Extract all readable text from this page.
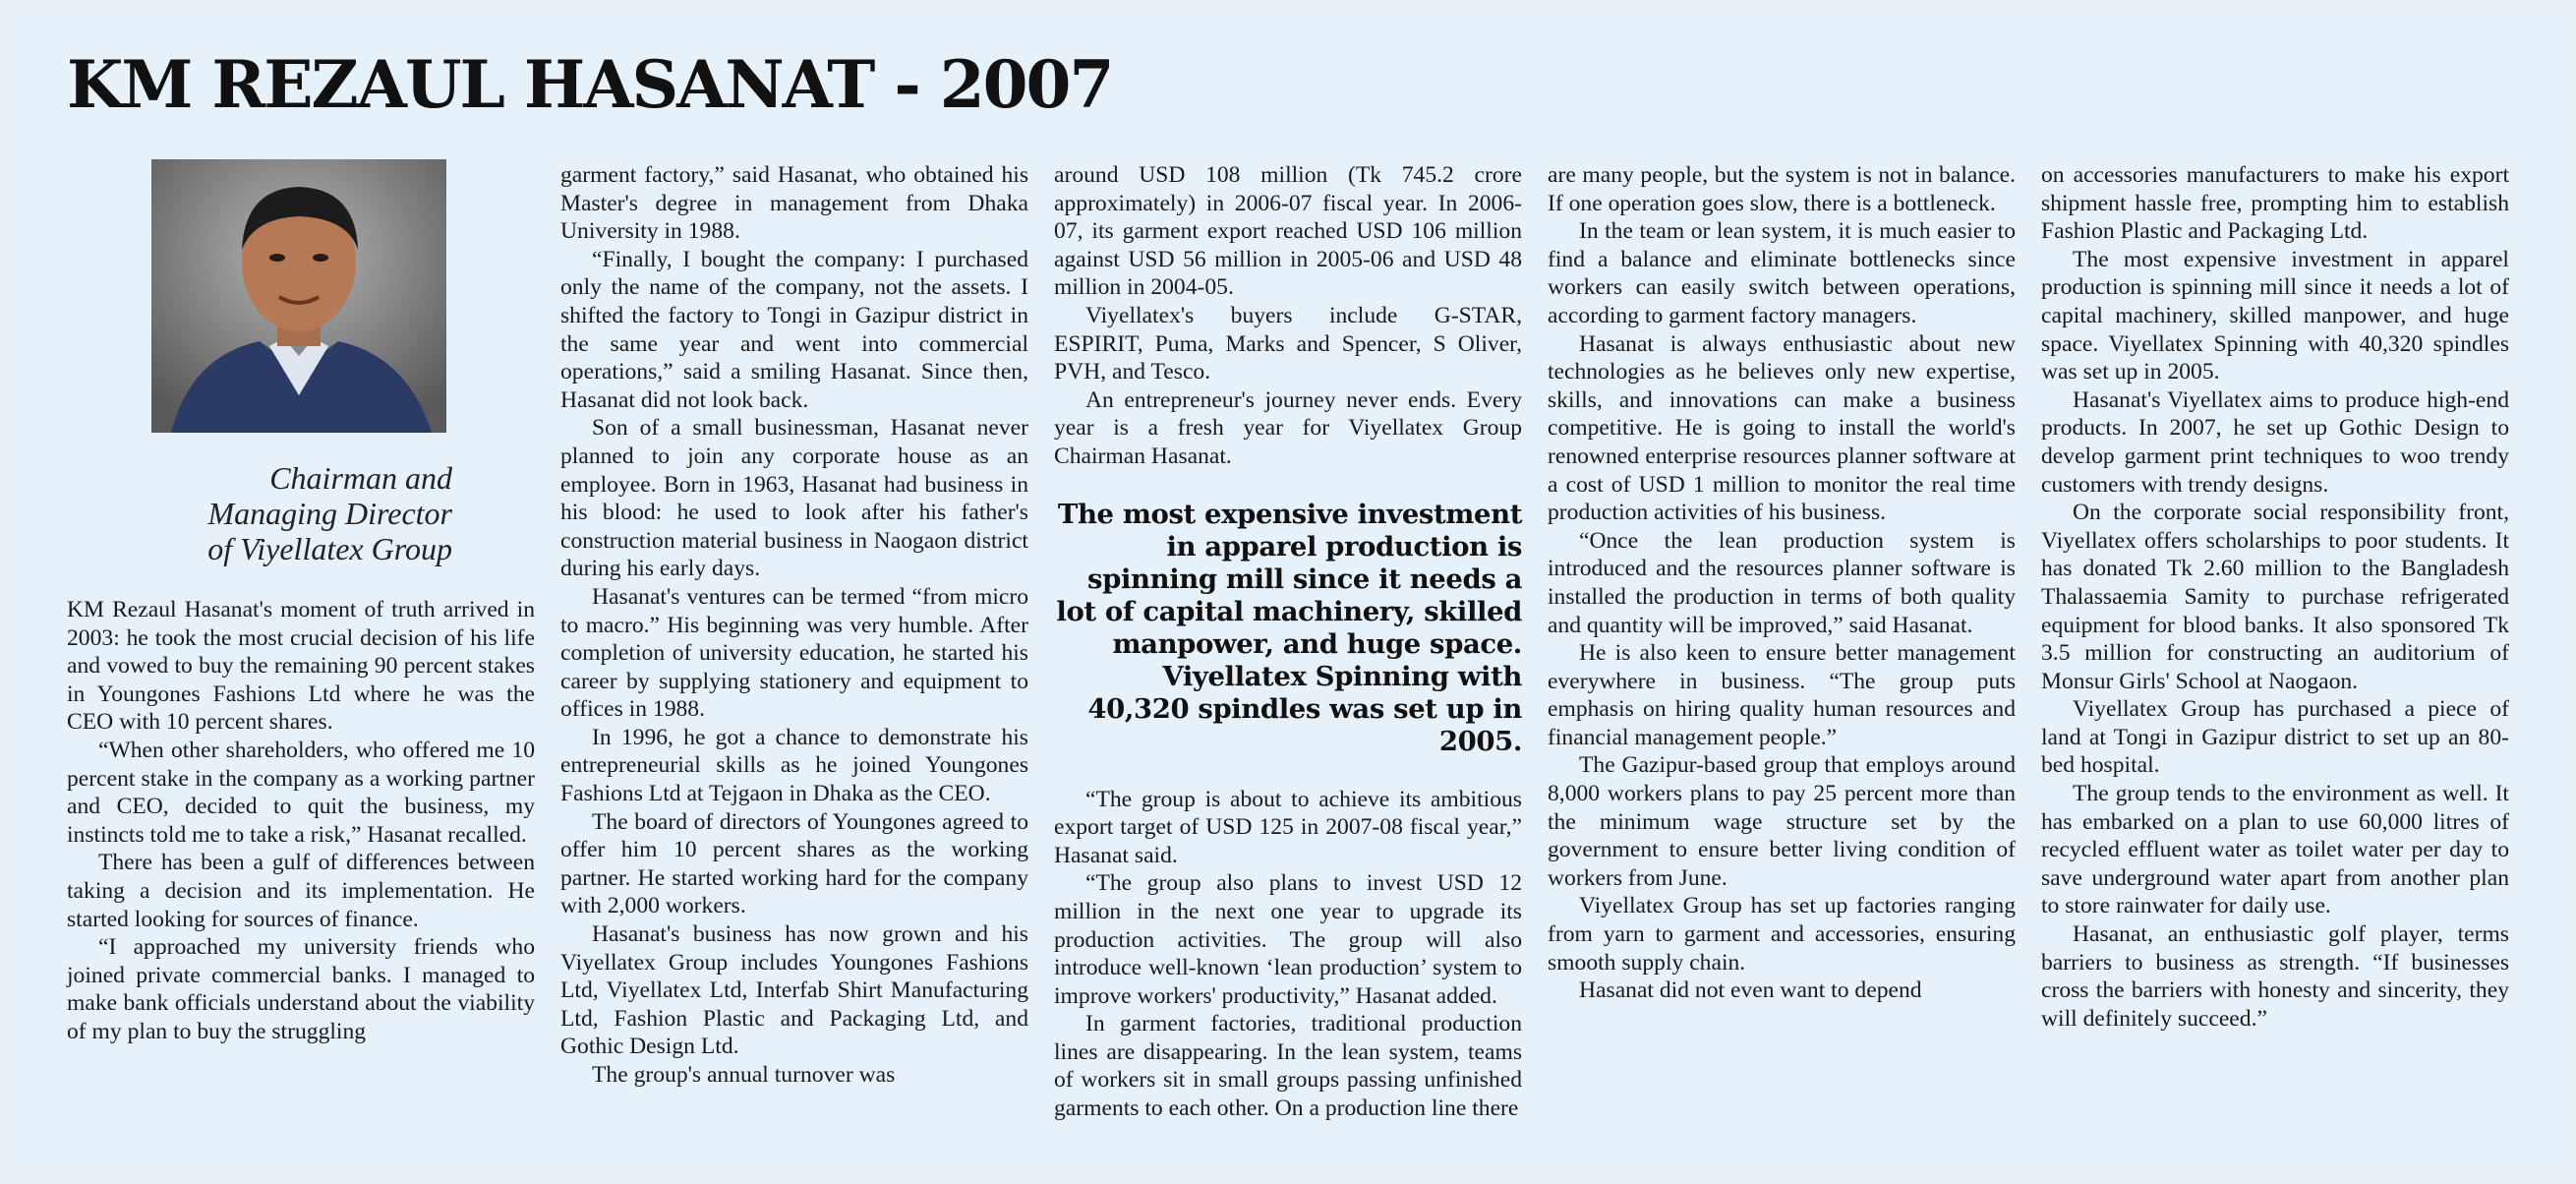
KM REZAUL HASANAT - 2007
Chairman and
Managing Director
of Viyellatex Group

KM Rezaul Hasanat's moment of truth arrived in 2003: he took the most crucial decision of his life and vowed to buy the remaining 90 percent stakes in Youngones Fashions Ltd where he was the CEO with 10 percent shares.

“When other shareholders, who offered me 10 percent stake in the company as a working partner and CEO, decided to quit the business, my instincts told me to take a risk,” Hasanat recalled.

There has been a gulf of differences between taking a decision and its implementation. He started looking for sources of finance.

“I approached my university friends who joined private commercial banks. I managed to make bank officials understand about the viability of my plan to buy the struggling

garment factory,” said Hasanat, who obtained his Master's degree in management from Dhaka University in 1988.

“Finally, I bought the company: I purchased only the name of the company, not the assets. I shifted the factory to Tongi in Gazipur district in the same year and went into commercial operations,” said a smiling Hasanat. Since then, Hasanat did not look back.

Son of a small businessman, Hasanat never planned to join any corporate house as an employee. Born in 1963, Hasanat had business in his blood: he used to look after his father's construction material business in Naogaon district during his early days.

Hasanat's ventures can be termed “from micro to macro.” His beginning was very humble. After completion of university education, he started his career by supplying stationery and equipment to offices in 1988.

In 1996, he got a chance to demonstrate his entrepreneurial skills as he joined Youngones Fashions Ltd at Tejgaon in Dhaka as the CEO.

The board of directors of Youngones agreed to offer him 10 percent shares as the working partner. He started working hard for the company with 2,000 workers.

Hasanat's business has now grown and his Viyellatex Group includes Youngones Fashions Ltd, Viyellatex Ltd, Interfab Shirt Manufacturing Ltd, Fashion Plastic and Packaging Ltd, and Gothic Design Ltd.

The group's annual turnover was

around USD 108 million (Tk 745.2 crore approximately) in 2006-07 fiscal year. In 2006-07, its garment export reached USD 106 million against USD 56 million in 2005-06 and USD 48 million in 2004-05.

Viyellatex's buyers include G-STAR, ESPIRIT, Puma, Marks and Spencer, S Oliver, PVH, and Tesco.

An entrepreneur's journey never ends. Every year is a fresh year for Viyellatex Group Chairman Hasanat.

The most expensive investment in apparel production is spinning mill since it needs a lot of capital machinery, skilled manpower, and huge space. Viyellatex Spinning with 40,320 spindles was set up in 2005.

“The group is about to achieve its ambitious export target of USD 125 in 2007-08 fiscal year,” Hasanat said.

“The group also plans to invest USD 12 million in the next one year to upgrade its production activities. The group will also introduce well-known ‘lean production’ system to improve workers' productivity,” Hasanat added.

In garment factories, traditional production lines are disappearing. In the lean system, teams of workers sit in small groups passing unfinished garments to each other. On a production line there

are many people, but the system is not in balance. If one operation goes slow, there is a bottleneck.

In the team or lean system, it is much easier to find a balance and eliminate bottlenecks since workers can easily switch between operations, according to garment factory managers.

Hasanat is always enthusiastic about new technologies as he believes only new expertise, skills, and innovations can make a business competitive. He is going to install the world's renowned enterprise resources planner software at a cost of USD 1 million to monitor the real time production activities of his business.

“Once the lean production system is introduced and the resources planner software is installed the production in terms of both quality and quantity will be improved,” said Hasanat.

He is also keen to ensure better management everywhere in business. “The group puts emphasis on hiring quality human resources and financial management people.”

The Gazipur-based group that employs around 8,000 workers plans to pay 25 percent more than the minimum wage structure set by the government to ensure better living condition of workers from June.

Viyellatex Group has set up factories ranging from yarn to garment and accessories, ensuring smooth supply chain.

Hasanat did not even want to depend

on accessories manufacturers to make his export shipment hassle free, prompting him to establish Fashion Plastic and Packaging Ltd.

The most expensive investment in apparel production is spinning mill since it needs a lot of capital machinery, skilled manpower, and huge space. Viyellatex Spinning with 40,320 spindles was set up in 2005.

Hasanat's Viyellatex aims to produce high-end products. In 2007, he set up Gothic Design to develop garment print techniques to woo trendy customers with trendy designs.

On the corporate social responsibility front, Viyellatex offers scholarships to poor students. It has donated Tk 2.60 million to the Bangladesh Thalassaemia Samity to purchase refrigerated equipment for blood banks. It also sponsored Tk 3.5 million for constructing an auditorium of Monsur Girls' School at Naogaon.

Viyellatex Group has purchased a piece of land at Tongi in Gazipur district to set up an 80-bed hospital.

The group tends to the environment as well. It has embarked on a plan to use 60,000 litres of recycled effluent water as toilet water per day to save underground water apart from another plan to store rainwater for daily use.

Hasanat, an enthusiastic golf player, terms barriers to business as strength. “If businesses cross the barriers with honesty and sincerity, they will definitely succeed.”
